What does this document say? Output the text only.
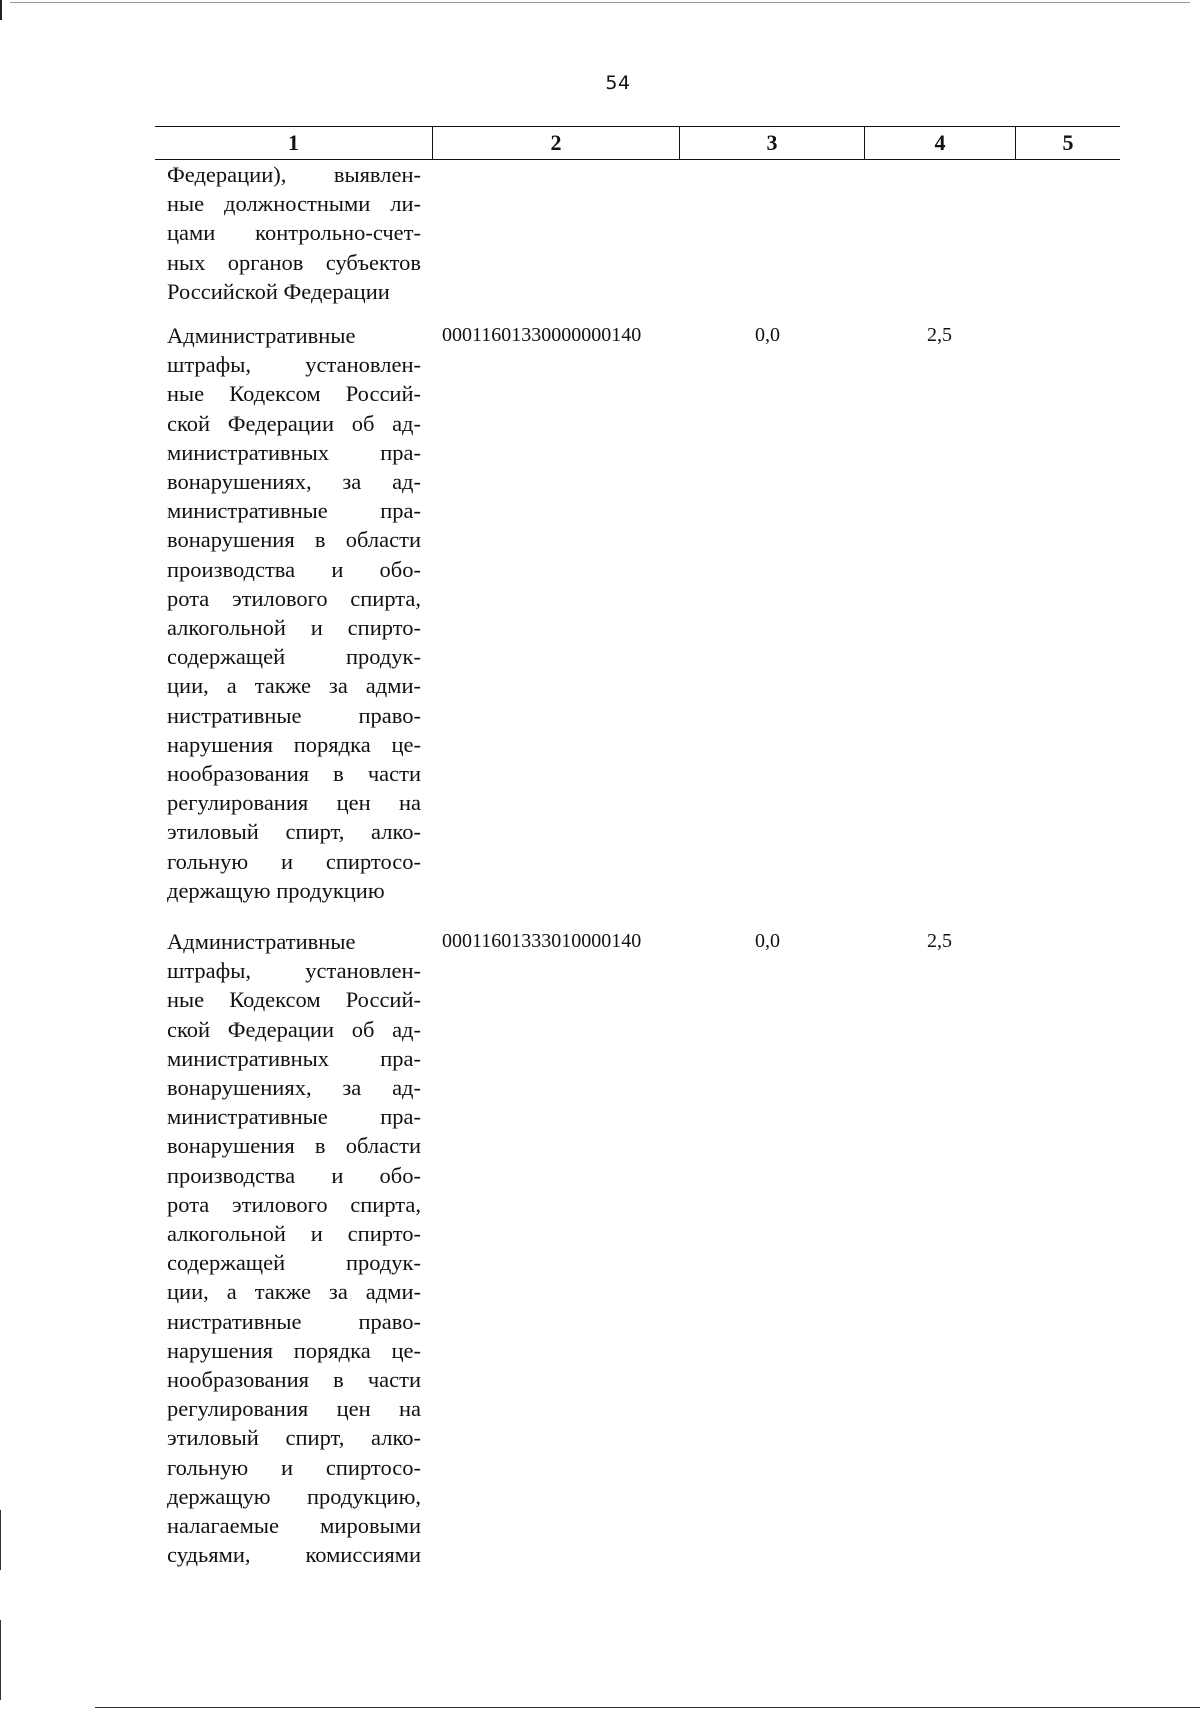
54
1	2	3	4	5
Федерации), выявлен-
ные должностными ли-
цами контрольно-счет-
ных органов субъектов
Российской Федерации
Административные
штрафы, установлен-
ные Кодексом Россий-
ской Федерации об ад-
министративных пра-
вонарушениях, за ад-
министративные пра-
вонарушения в области
производства и обо-
рота этилового спирта,
алкогольной и спирто-
содержащей продук-
ции, а также за адми-
нистративные право-
нарушения порядка це-
нообразования в части
регулирования цен на
этиловый спирт, алко-
гольную и спиртосо-
держащую продукцию
00011601330000000140	0,0	2,5
Административные
штрафы, установлен-
ные Кодексом Россий-
ской Федерации об ад-
министративных пра-
вонарушениях, за ад-
министративные пра-
вонарушения в области
производства и обо-
рота этилового спирта,
алкогольной и спирто-
содержащей продук-
ции, а также за адми-
нистративные право-
нарушения порядка це-
нообразования в части
регулирования цен на
этиловый спирт, алко-
гольную и спиртосо-
держащую продукцию,
налагаемые мировыми
судьями, комиссиями
00011601333010000140	0,0	2,5
